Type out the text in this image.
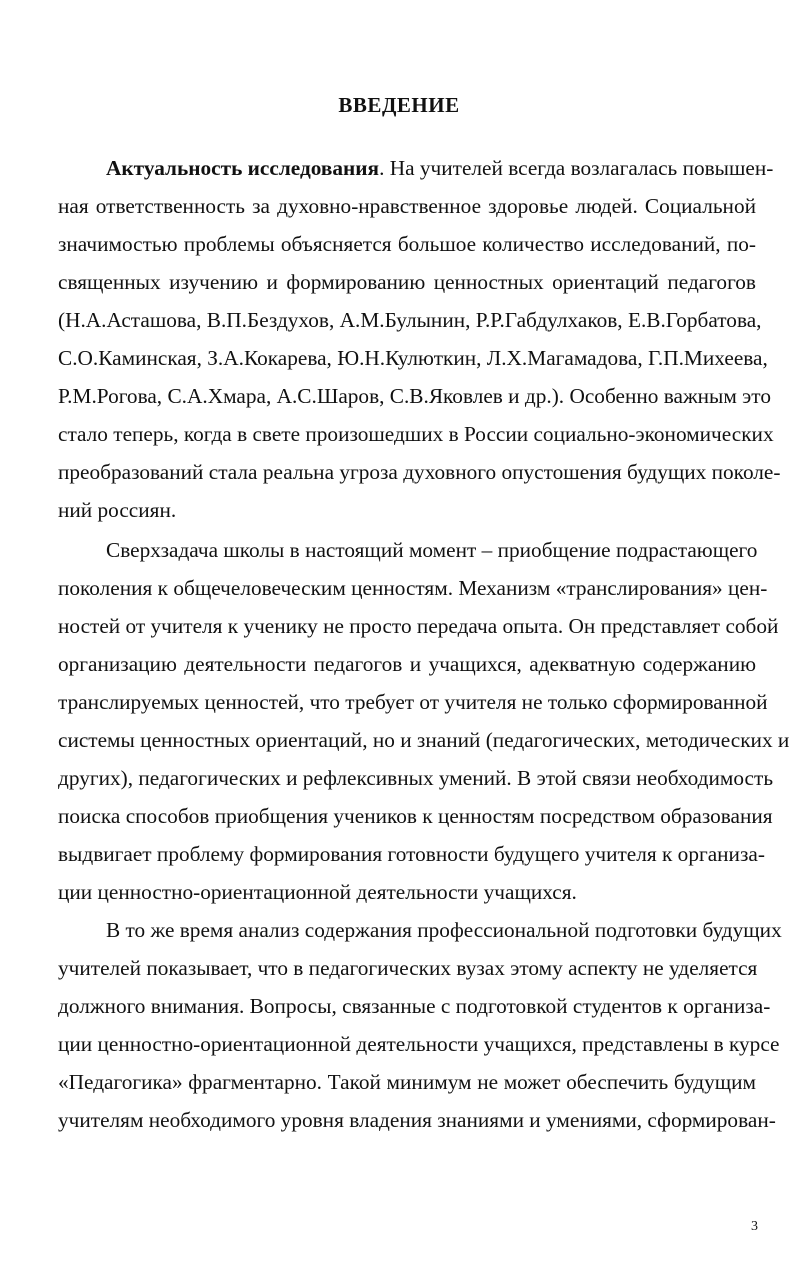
ВВЕДЕНИЕ
Актуальность исследования. На учителей всегда возлагалась повышен-
ная ответственность за духовно-нравственное здоровье людей. Социальной
значимостью проблемы объясняется большое количество исследований, по-
священных изучению и формированию ценностных ориентаций педагогов
(Н.А.Асташова, В.П.Бездухов, А.М.Булынин, Р.Р.Габдулхаков, Е.В.Горбатова,
С.О.Каминская, З.А.Кокарева, Ю.Н.Кулюткин, Л.Х.Магамадова, Г.П.Михеева,
Р.М.Рогова, С.А.Хмара, А.С.Шаров, С.В.Яковлев и др.). Особенно важным это
стало теперь, когда в свете произошедших в России социально-экономических
преобразований стала реальна угроза духовного опустошения будущих поколе-
ний россиян.
Сверхзадача школы в настоящий момент – приобщение подрастающего
поколения к общечеловеческим ценностям. Механизм «транслирования» цен-
ностей от учителя к ученику не просто передача опыта. Он представляет собой
организацию деятельности педагогов и учащихся, адекватную содержанию
транслируемых ценностей, что требует от учителя не только сформированной
системы ценностных ориентаций, но и знаний (педагогических, методических и
других), педагогических и рефлексивных умений. В этой связи необходимость
поиска способов приобщения учеников к ценностям посредством образования
выдвигает проблему формирования готовности будущего учителя к организа-
ции ценностно-ориентационной деятельности учащихся.
В то же время анализ содержания профессиональной подготовки будущих
учителей показывает, что в педагогических вузах этому аспекту не уделяется
должного внимания. Вопросы, связанные с подготовкой студентов к организа-
ции ценностно-ориентационной деятельности учащихся, представлены в курсе
«Педагогика» фрагментарно. Такой минимум не может обеспечить будущим
учителям необходимого уровня владения знаниями и умениями, сформирован-
3
